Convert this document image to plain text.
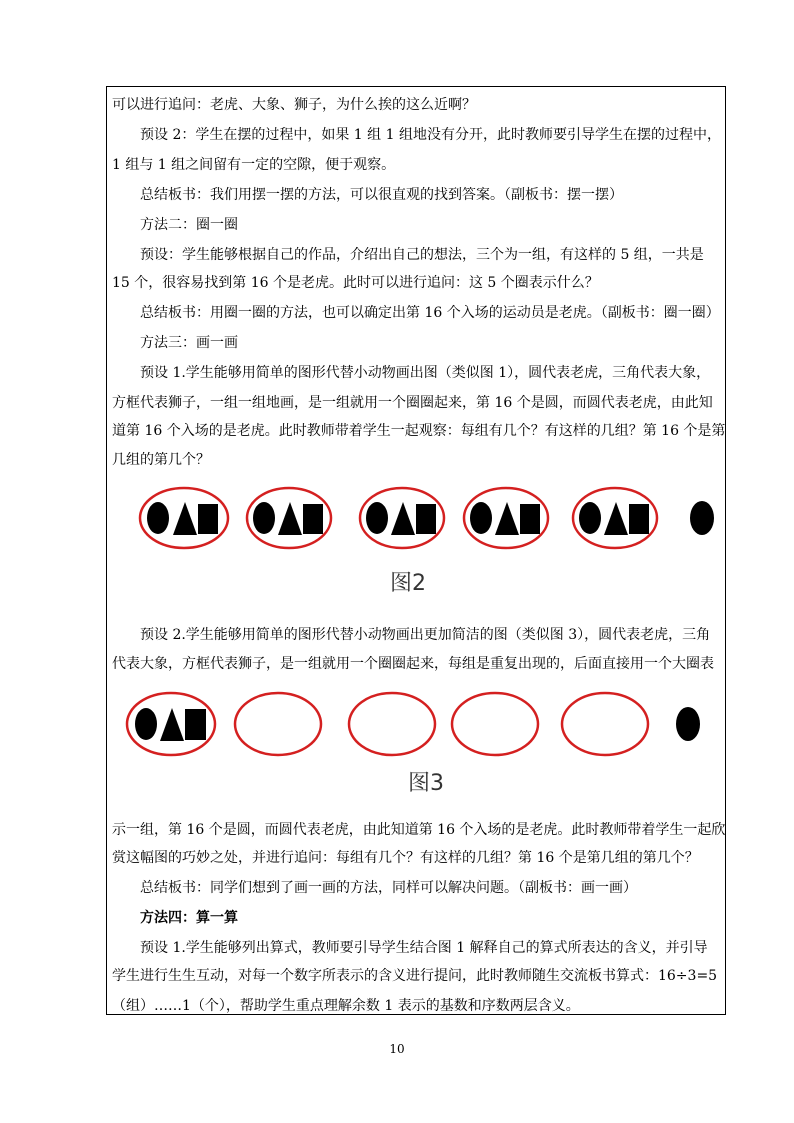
可以进行追问：老虎、大象、狮子，为什么挨的这么近啊？
　　预设 2：学生在摆的过程中，如果 1 组 1 组地没有分开，此时教师要引导学生在摆的过程中，
1 组与 1 组之间留有一定的空隙，便于观察。
　　总结板书：我们用摆一摆的方法，可以很直观的找到答案。（副板书：摆一摆）
　　方法二：圈一圈
　　预设：学生能够根据自己的作品，介绍出自己的想法，三个为一组，有这样的 5 组，一共是
15 个，很容易找到第 16 个是老虎。此时可以进行追问：这 5 个圈表示什么？
　　总结板书：用圈一圈的方法，也可以确定出第 16 个入场的运动员是老虎。（副板书：圈一圈）
　　方法三：画一画
　　预设 1.学生能够用简单的图形代替小动物画出图（类似图 1），圆代表老虎，三角代表大象，
方框代表狮子，一组一组地画，是一组就用一个圈圈起来，第 16 个是圆，而圆代表老虎，由此知
道第 16 个入场的是老虎。此时教师带着学生一起观察：每组有几个？有这样的几组？第 16 个是第
几组的第几个？
图2
　　预设 2.学生能够用简单的图形代替小动物画出更加简洁的图（类似图 3），圆代表老虎，三角
代表大象，方框代表狮子，是一组就用一个圈圈起来，每组是重复出现的，后面直接用一个大圈表
图3
示一组，第 16 个是圆，而圆代表老虎，由此知道第 16 个入场的是老虎。此时教师带着学生一起欣
赏这幅图的巧妙之处，并进行追问：每组有几个？有这样的几组？第 16 个是第几组的第几个？
　　总结板书：同学们想到了画一画的方法，同样可以解决问题。（副板书：画一画）
　　方法四：算一算
　　预设 1.学生能够列出算式，教师要引导学生结合图 1 解释自己的算式所表达的含义，并引导
学生进行生生互动，对每一个数字所表示的含义进行提问，此时教师随生交流板书算式：16÷3=5
（组）……1（个），帮助学生重点理解余数 1 表示的基数和序数两层含义。
10
